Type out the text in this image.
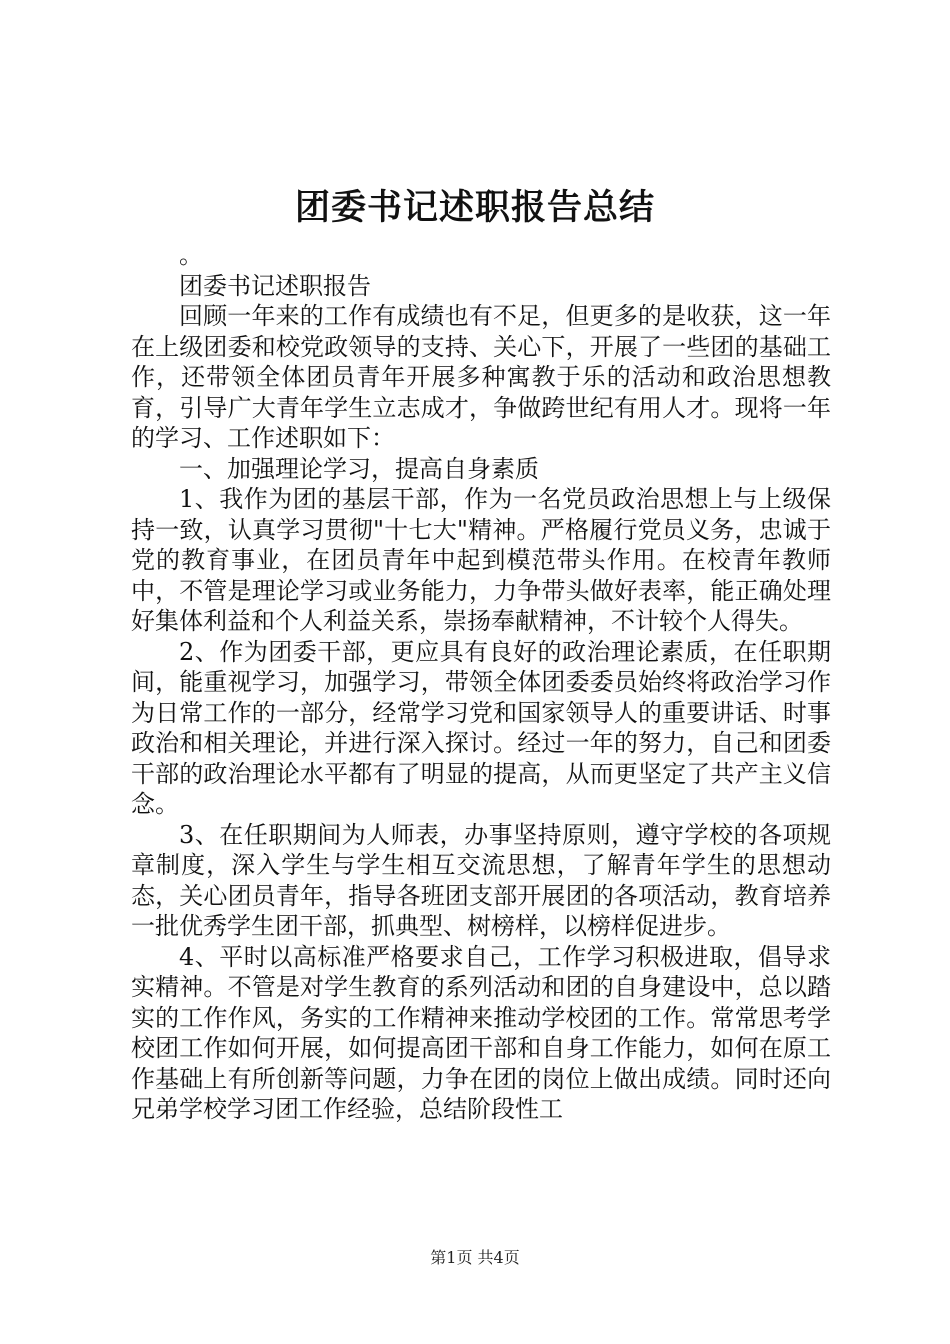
团委书记述职报告总结

。

团委书记述职报告

回顾一年来的工作有成绩也有不足，但更多的是收获，这一年在上级团委和校党政领导的支持、关心下，开展了一些团的基础工作，还带领全体团员青年开展多种寓教于乐的活动和政治思想教育，引导广大青年学生立志成才，争做跨世纪有用人才。现将一年的学习、工作述职如下：

一、加强理论学习，提高自身素质

1、我作为团的基层干部，作为一名党员政治思想上与上级保持一致，认真学习贯彻"十七大"精神。严格履行党员义务，忠诚于党的教育事业，在团员青年中起到模范带头作用。在校青年教师中，不管是理论学习或业务能力，力争带头做好表率，能正确处理好集体利益和个人利益关系，崇扬奉献精神，不计较个人得失。

2、作为团委干部，更应具有良好的政治理论素质，在任职期间，能重视学习，加强学习，带领全体团委委员始终将政治学习作为日常工作的一部分，经常学习党和国家领导人的重要讲话、时事政治和相关理论，并进行深入探讨。经过一年的努力，自己和团委干部的政治理论水平都有了明显的提高，从而更坚定了共产主义信念。

3、在任职期间为人师表，办事坚持原则，遵守学校的各项规章制度，深入学生与学生相互交流思想，了解青年学生的思想动态，关心团员青年，指导各班团支部开展团的各项活动，教育培养一批优秀学生团干部，抓典型、树榜样，以榜样促进步。

4、平时以高标准严格要求自己，工作学习积极进取，倡导求实精神。不管是对学生教育的系列活动和团的自身建设中，总以踏实的工作作风，务实的工作精神来推动学校团的工作。常常思考学校团工作如何开展，如何提高团干部和自身工作能力，如何在原工作基础上有所创新等问题，力争在团的岗位上做出成绩。同时还向兄弟学校学习团工作经验，总结阶段性工

第1页 共4页
